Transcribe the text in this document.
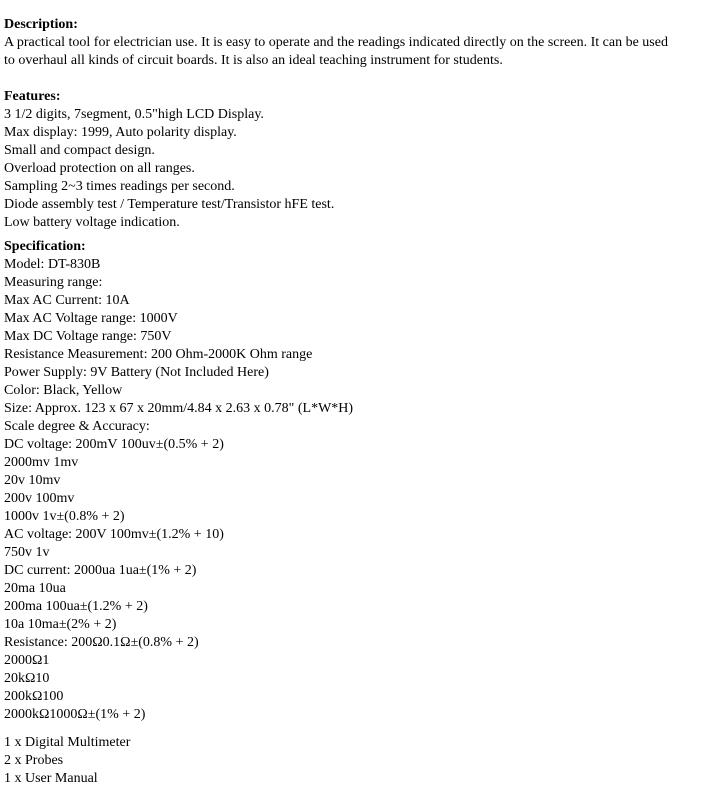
Description:

A practical tool for electrician use. It is easy to operate and the readings indicated directly on the screen. It can be used to overhaul all kinds of circuit boards. It is also an ideal teaching instrument for students.

Features:
3 1/2 digits, 7segment, 0.5"high LCD Display.
Max display: 1999, Auto polarity display.
Small and compact design.
Overload protection on all ranges.
Sampling 2~3 times readings per second.
Diode assembly test / Temperature test/Transistor hFE test.
Low battery voltage indication.
Specification:
Model: DT-830B
Measuring range:
Max AC Current: 10A
Max AC Voltage range: 1000V
Max DC Voltage range: 750V
Resistance Measurement: 200 Ohm-2000K Ohm range
Power Supply: 9V Battery (Not Included Here)
Color: Black, Yellow
Size: Approx. 123 x 67 x 20mm/4.84 x 2.63 x 0.78" (L*W*H)
Scale degree & Accuracy:
DC voltage: 200mV 100uv±(0.5% + 2)
2000mv 1mv
20v 10mv
200v 100mv
1000v 1v±(0.8% + 2)
AC voltage: 200V 100mv±(1.2% + 10)
750v 1v
DC current: 2000ua 1ua±(1% + 2)
20ma 10ua
200ma 100ua±(1.2% + 2)
10a 10ma±(2% + 2)
Resistance: 200Ω0.1Ω±(0.8% + 2)
2000Ω1
20kΩ10
200kΩ100
2000kΩ1000Ω±(1% + 2)
1 x Digital Multimeter
2 x Probes
1 x User Manual
